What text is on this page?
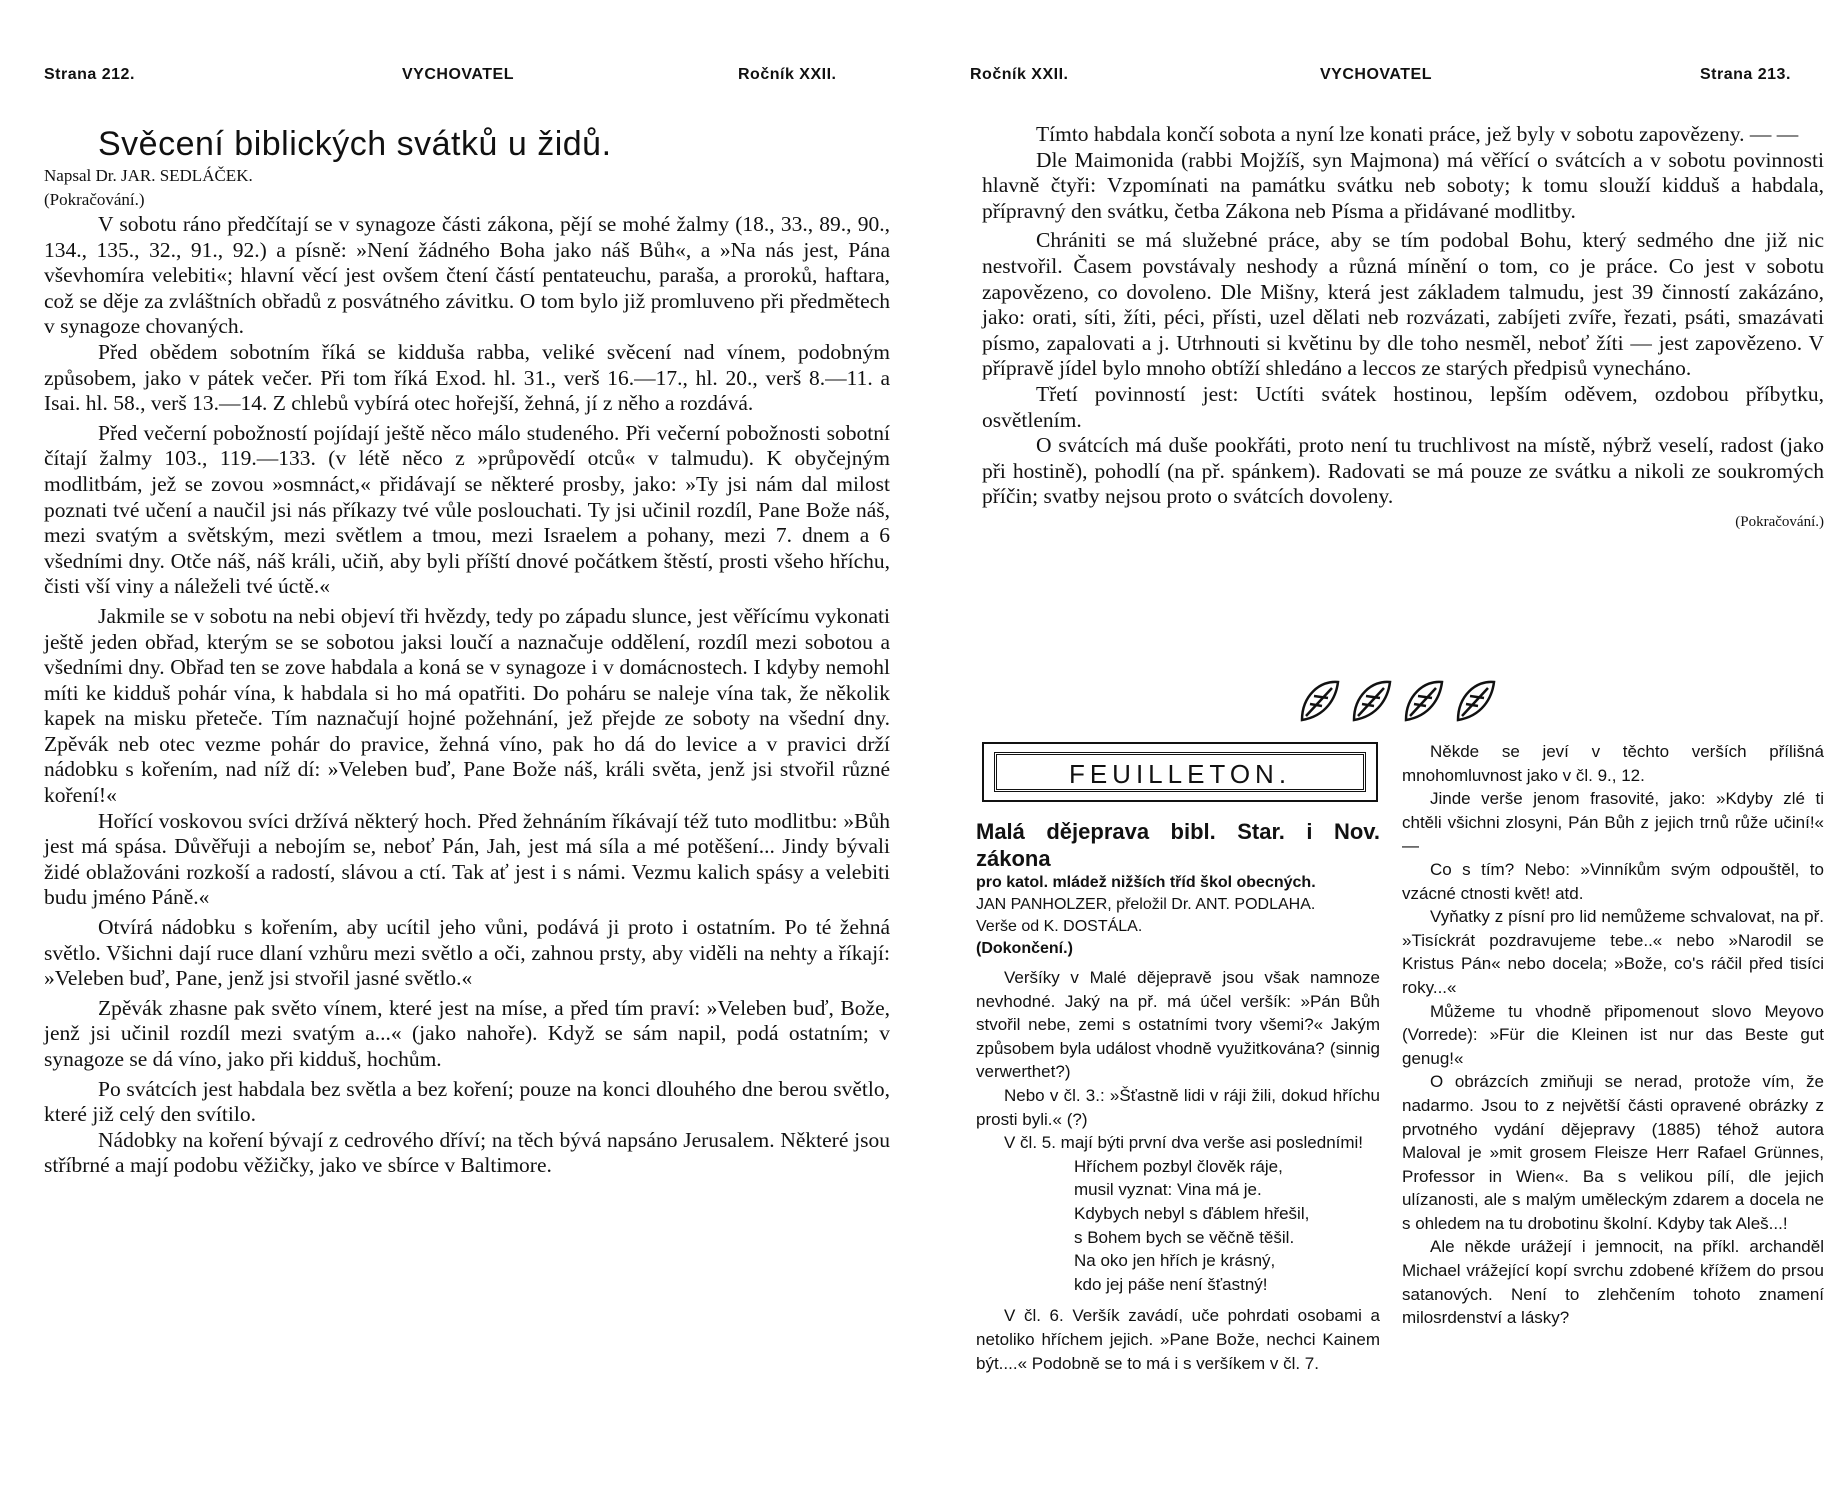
Strana 212.	VYCHOVATEL	Ročník XXII.

Svěcení biblických svátků u židů.

Napsal Dr. JAR. SEDLÁČEK.

(Pokračování.)

V sobotu ráno předčítají se v synagoze části zákona, pějí se mohé žalmy (18., 33., 89., 90., 134., 135., 32., 91., 92.) a písně: »Není žádného Boha jako náš Bůh«, a »Na nás jest, Pána vševhomíra velebiti«; hlavní věcí jest ovšem čtení částí pentateuchu, paraša, a proroků, haftara, což se děje za zvláštních obřadů z posvátného závitku. O tom bylo již promluveno při předmětech v synagoze chovaných.

Před obědem sobotním říká se kidduša rabba, veliké svěcení nad vínem, podobným způsobem, jako v pátek večer. Při tom říká Exod. hl. 31., verš 16.—17., hl. 20., verš 8.—11. a Isai. hl. 58., verš 13.—14. Z chlebů vybírá otec hořejší, žehná, jí z něho a rozdává.

Před večerní pobožností pojídají ještě něco málo studeného. Při večerní pobožnosti sobotní čítají žalmy 103., 119.—133. (v létě něco z »průpovědí otců« v talmudu). K obyčejným modlitbám, jež se zovou »osmnáct,« přidávají se některé prosby, jako: »Ty jsi nám dal milost poznati tvé učení a naučil jsi nás příkazy tvé vůle poslouchati. Ty jsi učinil rozdíl, Pane Bože náš, mezi svatým a světským, mezi světlem a tmou, mezi Israelem a pohany, mezi 7. dnem a 6 všedními dny. Otče náš, náš králi, učiň, aby byli příští dnové počátkem štěstí, prosti všeho hříchu, čisti vší viny a náleželi tvé úctě.«

Jakmile se v sobotu na nebi objeví tři hvězdy, tedy po západu slunce, jest věřícímu vykonati ještě jeden obřad, kterým se se sobotou jaksi loučí a naznačuje oddělení, rozdíl mezi sobotou a všedními dny. Obřad ten se zove habdala a koná se v synagoze i v domácnostech. I kdyby nemohl míti ke kidduš pohár vína, k habdala si ho má opatřiti. Do poháru se naleje vína tak, že několik kapek na misku přeteče. Tím naznačují hojné požehnání, jež přejde ze soboty na všední dny. Zpěvák neb otec vezme pohár do pravice, žehná víno, pak ho dá do levice a v pravici drží nádobku s kořením, nad níž dí: »Veleben buď, Pane Bože náš, králi světa, jenž jsi stvořil různé koření!«

Hořící voskovou svíci držívá některý hoch. Před žehnáním říkávají též tuto modlitbu: »Bůh jest má spása. Důvěřuji a nebojím se, neboť Pán, Jah, jest má síla a mé potěšení... Jindy bývali židé oblažováni rozkoší a radostí, slávou a ctí. Tak ať jest i s námi. Vezmu kalich spásy a velebiti budu jméno Páně.«

Otvírá nádobku s kořením, aby ucítil jeho vůni, podává ji proto i ostatním. Po té žehná světlo. Všichni dají ruce dlaní vzhůru mezi světlo a oči, zahnou prsty, aby viděli na nehty a říkají: »Veleben buď, Pane, jenž jsi stvořil jasné světlo.«

Zpěvák zhasne pak světo vínem, které jest na míse, a před tím praví: »Veleben buď, Bože, jenž jsi učinil rozdíl mezi svatým a...« (jako nahoře). Když se sám napil, podá ostatním; v synagoze se dá víno, jako při kidduš, hochům.

Po svátcích jest habdala bez světla a bez koření; pouze na konci dlouhého dne berou světlo, které již celý den svítilo.

Nádobky na koření bývají z cedrového dříví; na těch bývá napsáno Jerusalem. Některé jsou stříbrné a mají podobu věžičky, jako ve sbírce v Baltimore.

Ročník XXII.	VYCHOVATEL	Strana 213.

Tímto habdala končí sobota a nyní lze konati práce, jež byly v sobotu zapovězeny. — —

Dle Maimonida (rabbi Mojžíš, syn Majmona) má věřící o svátcích a v sobotu povinnosti hlavně čtyři: Vzpomínati na památku svátku neb soboty; k tomu slouží kidduš a habdala, přípravný den svátku, četba Zákona neb Písma a přidávané modlitby.

Chrániti se má služebné práce, aby se tím podobal Bohu, který sedmého dne již nic nestvořil. Časem povstávaly neshody a různá mínění o tom, co je práce. Co jest v sobotu zapovězeno, co dovoleno. Dle Mišny, která jest základem talmudu, jest 39 činností zakázáno, jako: orati, síti, žíti, péci, přísti, uzel dělati neb rozvázati, zabíjeti zvíře, řezati, psáti, smazávati písmo, zapalovati a j. Utrhnouti si květinu by dle toho nesměl, neboť žíti — jest zapovězeno. V přípravě jídel bylo mnoho obtíží shledáno a leccos ze starých předpisů vynecháno.

Třetí povinností jest: Uctíti svátek hostinou, lepším oděvem, ozdobou příbytku, osvětlením.

O svátcích má duše pookřáti, proto není tu truchlivost na místě, nýbrž veselí, radost (jako při hostině), pohodlí (na př. spánkem). Radovati se má pouze ze svátku a nikoli ze soukromých příčin; svatby nejsou proto o svátcích dovoleny.

(Pokračování.)
FEUILLETON.

Malá dějeprava bibl. Star. i Nov. zákona

pro katol. mládež nižších tříd škol obecných.

JAN PANHOLZER, přeložil Dr. ANT. PODLAHA.

Verše od K. DOSTÁLA.

(Dokončení.)

Veršíky v Malé dějepravě jsou však namnoze nevhodné. Jaký na př. má účel veršík: »Pán Bůh stvořil nebe, zemi s ostatními tvory všemi?« Jakým způsobem byla událost vhodně využitkována? (sinnig verwerthet?)

Nebo v čl. 3.: »Šťastně lidi v ráji žili, dokud hříchu prosti byli.« (?)

V čl. 5. mají býti první dva verše asi posledními!

Hříchem pozbyl člověk ráje,
musil vyznat: Vina má je.
Kdybych nebyl s ďáblem hřešil,
s Bohem bych se věčně těšil.
Na oko jen hřích je krásný,
kdo jej páše není šťastný!

V čl. 6. Veršík zavádí, uče pohrdati osobami a netoliko hříchem jejich. »Pane Bože, nechci Kainem být....« Podobně se to má i s veršíkem v čl. 7.

Někde se jeví v těchto verších přílišná mnohomluvnost jako v čl. 9., 12.

Jinde verše jenom frasovité, jako: »Kdyby zlé ti chtěli všichni zlosyni, Pán Bůh z jejich trnů růže učiní!« —

Co s tím? Nebo: »Vinníkům svým odpouštěl, to vzácné ctnosti květ! atd.

Vyňatky z písní pro lid nemůžeme schvalovat, na př. »Tisíckrát pozdravujeme tebe..« nebo »Narodil se Kristus Pán« nebo docela; »Bože, co's ráčil před tisíci roky...«

Můžeme tu vhodně připomenout slovo Meyovo (Vorrede): »Für die Kleinen ist nur das Beste gut genug!«

O obrázcích zmiňuji se nerad, protože vím, že nadarmo. Jsou to z největší části opravené obrázky z prvotného vydání dějepravy (1885) téhož autora Maloval je »mit grosem Fleisze Herr Rafael Grünnes, Professor in Wien«. Ba s velikou pílí, dle jejich ulízanosti, ale s malým uměleckým zdarem a docela ne s ohledem na tu drobotinu školní. Kdyby tak Aleš...!

Ale někde urážejí i jemnocit, na příkl. archanděl Michael vrážející kopí svrchu zdobené křížem do prsou satanových. Není to zlehčením tohoto znamení milosrdenství a lásky?
